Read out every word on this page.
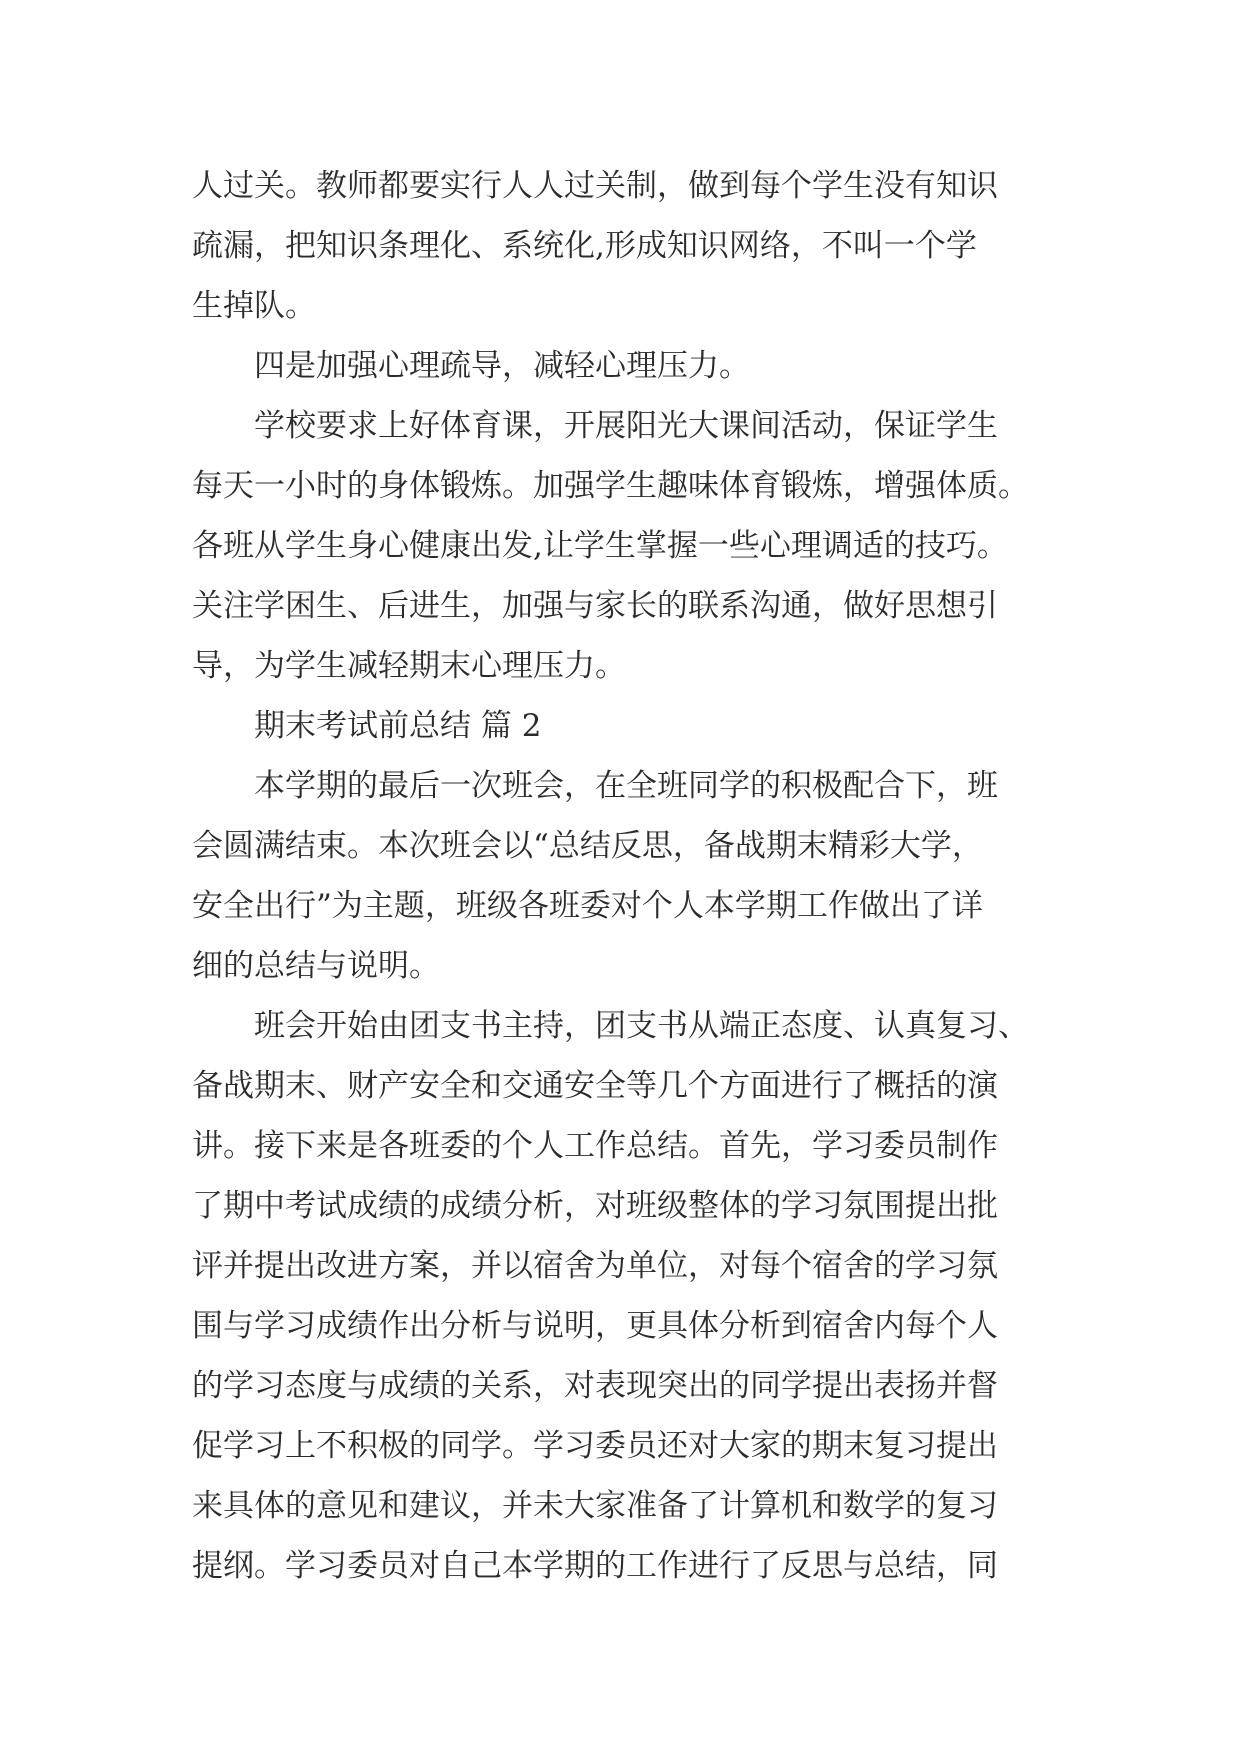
人过关。教师都要实行人人过关制，做到每个学生没有知识
疏漏，把知识条理化、系统化,形成知识网络，不叫一个学
生掉队。
四是加强心理疏导，减轻心理压力。
学校要求上好体育课，开展阳光大课间活动，保证学生
每天一小时的身体锻炼。加强学生趣味体育锻炼，增强体质。
各班从学生身心健康出发,让学生掌握一些心理调适的技巧。
关注学困生、后进生，加强与家长的联系沟通，做好思想引
导，为学生减轻期末心理压力。
期末考试前总结 篇 2
本学期的最后一次班会，在全班同学的积极配合下，班
会圆满结束。本次班会以“总结反思，备战期末精彩大学，
安全出行”为主题，班级各班委对个人本学期工作做出了详
细的总结与说明。
班会开始由团支书主持，团支书从端正态度、认真复习、
备战期末、财产安全和交通安全等几个方面进行了概括的演
讲。接下来是各班委的个人工作总结。首先，学习委员制作
了期中考试成绩的成绩分析，对班级整体的学习氛围提出批
评并提出改进方案，并以宿舍为单位，对每个宿舍的学习氛
围与学习成绩作出分析与说明，更具体分析到宿舍内每个人
的学习态度与成绩的关系，对表现突出的同学提出表扬并督
促学习上不积极的同学。学习委员还对大家的期末复习提出
来具体的意见和建议，并未大家准备了计算机和数学的复习
提纲。学习委员对自己本学期的工作进行了反思与总结，同
